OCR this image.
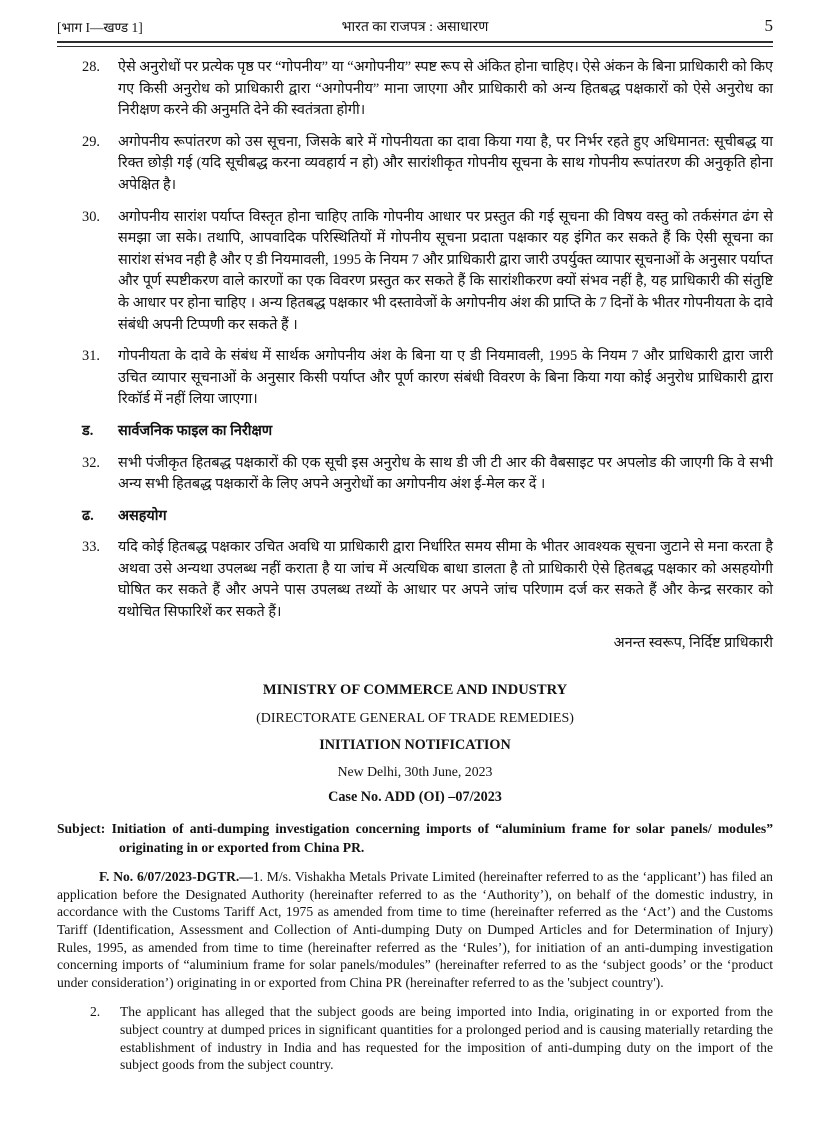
[भाग I—खण्ड 1]	भारत का राजपत्र : असाधारण	5
28.	ऐसे अनुरोधों पर प्रत्येक पृष्ठ पर “गोपनीय” या “अगोपनीय” स्पष्ट रूप से अंकित होना चाहिए। ऐसे अंकन के बिना प्राधिकारी को किए गए किसी अनुरोध को प्राधिकारी द्वारा “अगोपनीय” माना जाएगा और प्राधिकारी को अन्य हितबद्ध पक्षकारों को ऐसे अनुरोध का निरीक्षण करने की अनुमति देने की स्वतंत्रता होगी।
29.	अगोपनीय रूपांतरण को उस सूचना, जिसके बारे में गोपनीयता का दावा किया गया है, पर निर्भर रहते हुए अधिमानत: सूचीबद्ध या रिक्त छोड़ी गई (यदि सूचीबद्ध करना व्यवहार्य न हो) और सारांशीकृत गोपनीय सूचना के साथ गोपनीय रूपांतरण की अनुकृति होना अपेक्षित है।
30.	अगोपनीय सारांश पर्याप्त विस्तृत होना चाहिए ताकि गोपनीय आधार पर प्रस्तुत की गई सूचना की विषय वस्तु को तर्कसंगत ढंग से समझा जा सके। तथापि, आपवादिक परिस्थितियों में गोपनीय सूचना प्रदाता पक्षकार यह इंगित कर सकते हैं कि ऐसी सूचना का सारांश संभव नही है और ए डी नियमावली, 1995 के नियम 7 और प्राधिकारी द्वारा जारी उपर्युक्त व्यापार सूचनाओं के अनुसार पर्याप्त और पूर्ण स्पष्टीकरण वाले कारणों का एक विवरण प्रस्तुत कर सकते हैं कि सारांशीकरण क्यों संभव नहीं है, यह प्राधिकारी की संतुष्टि के आधार पर होना चाहिए । अन्य हितबद्ध पक्षकार भी दस्तावेजों के अगोपनीय अंश की प्राप्ति के 7 दिनों के भीतर गोपनीयता के दावे संबंधी अपनी टिप्पणी कर सकते हैं ।
31.	गोपनीयता के दावे के संबंध में सार्थक अगोपनीय अंश के बिना या ए डी नियमावली, 1995 के नियम 7 और प्राधिकारी द्वारा जारी उचित व्यापार सूचनाओं के अनुसार किसी पर्याप्त और पूर्ण कारण संबंधी विवरण के बिना किया गया कोई अनुरोध प्राधिकारी द्वारा रिकॉर्ड में नहीं लिया जाएगा।
ड.	सार्वजनिक फाइल का निरीक्षण
32.	सभी पंजीकृत हितबद्ध पक्षकारों की एक सूची इस अनुरोध के साथ डी जी टी आर की वैबसाइट पर अपलोड की जाएगी कि वे सभी अन्य सभी हितबद्ध पक्षकारों के लिए अपने अनुरोधों का अगोपनीय अंश ई-मेल कर दें ।
ढ.	असहयोग
33.	यदि कोई हितबद्ध पक्षकार उचित अवधि या प्राधिकारी द्वारा निर्धारित समय सीमा के भीतर आवश्यक सूचना जुटाने से मना करता है अथवा उसे अन्यथा उपलब्ध नहीं कराता है या जांच में अत्यधिक बाधा डालता है तो प्राधिकारी ऐसे हितबद्ध पक्षकार को असहयोगी घोषित कर सकते हैं और अपने पास उपलब्ध तथ्यों के आधार पर अपने जांच परिणाम दर्ज कर सकते हैं और केन्द्र सरकार को यथोचित सिफारिशें कर सकते हैं।
अनन्त स्वरूप, निर्दिष्ट प्राधिकारी
MINISTRY OF COMMERCE AND INDUSTRY
(DIRECTORATE GENERAL OF TRADE REMEDIES)
INITIATION NOTIFICATION
New Delhi, 30th June, 2023
Case No. ADD (OI) –07/2023
Subject: Initiation of anti-dumping investigation concerning imports of “aluminium frame for solar panels/ modules” originating in or exported from China PR.
F. No. 6/07/2023-DGTR.—1. M/s. Vishakha Metals Private Limited (hereinafter referred to as the ‘applicant’) has filed an application before the Designated Authority (hereinafter referred to as the ‘Authority’), on behalf of the domestic industry, in accordance with the Customs Tariff Act, 1975 as amended from time to time (hereinafter referred as the ‘Act’) and the Customs Tariff (Identification, Assessment and Collection of Anti-dumping Duty on Dumped Articles and for Determination of Injury) Rules, 1995, as amended from time to time (hereinafter referred as the ‘Rules’), for initiation of an anti-dumping investigation concerning imports of “aluminium frame for solar panels/modules” (hereinafter referred to as the ‘subject goods’ or the ‘product under consideration’) originating in or exported from China PR (hereinafter referred to as the 'subject country').
2.	The applicant has alleged that the subject goods are being imported into India, originating in or exported from the subject country at dumped prices in significant quantities for a prolonged period and is causing materially retarding the establishment of industry in India and has requested for the imposition of anti-dumping duty on the import of the subject goods from the subject country.
